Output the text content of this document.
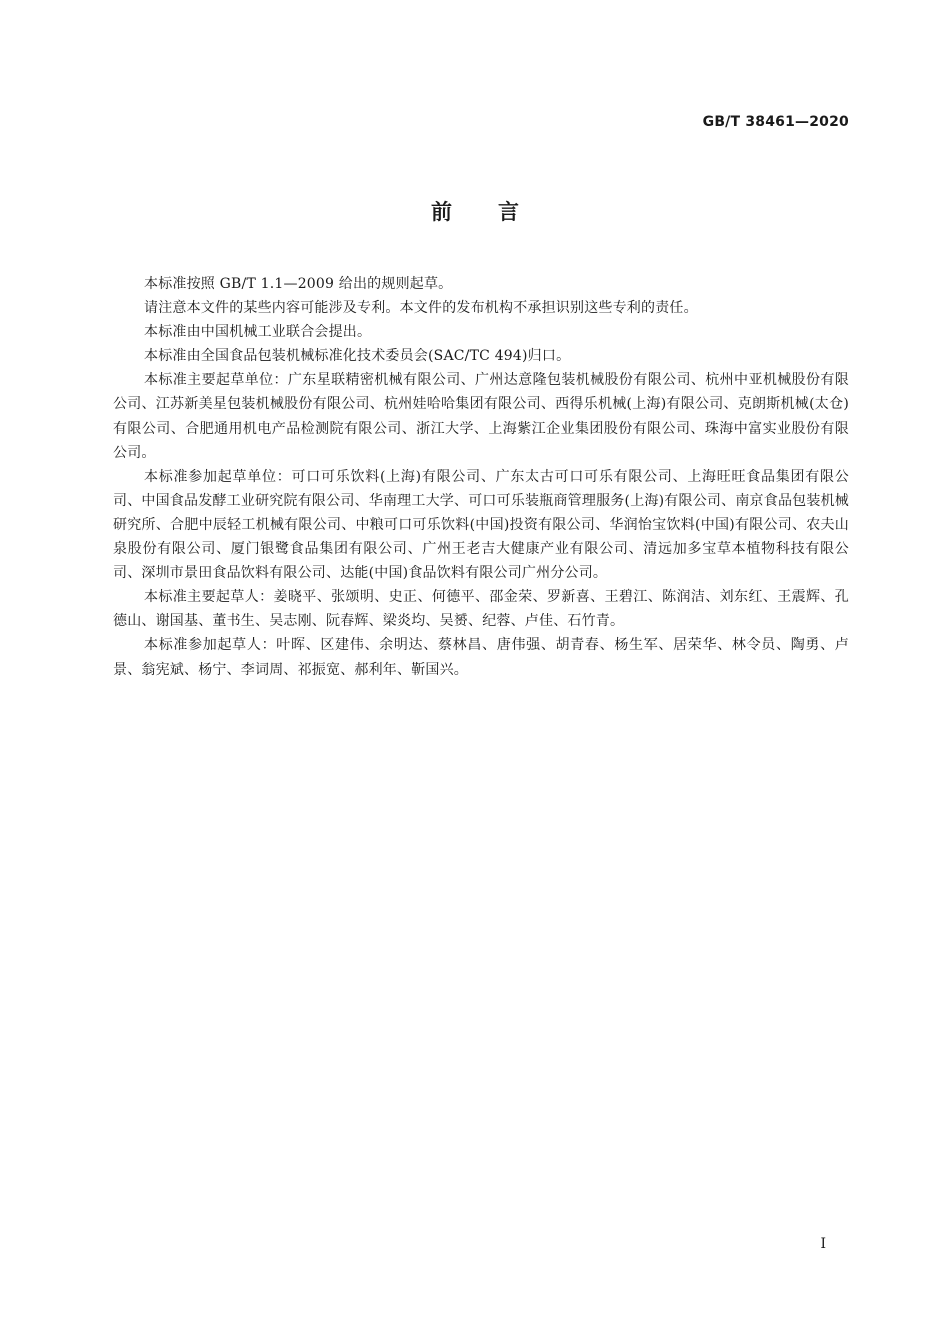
GB/T 38461—2020
前言

本标准按照 GB/T 1.1—2009 给出的规则起草。

请注意本文件的某些内容可能涉及专利。本文件的发布机构不承担识别这些专利的责任。

本标准由中国机械工业联合会提出。

本标准由全国食品包装机械标准化技术委员会(SAC/TC 494)归口。

本标准主要起草单位：广东星联精密机械有限公司、广州达意隆包装机械股份有限公司、杭州中亚机械股份有限公司、江苏新美星包装机械股份有限公司、杭州娃哈哈集团有限公司、西得乐机械(上海)有限公司、克朗斯机械(太仓)有限公司、合肥通用机电产品检测院有限公司、浙江大学、上海紫江企业集团股份有限公司、珠海中富实业股份有限公司。

本标准参加起草单位：可口可乐饮料(上海)有限公司、广东太古可口可乐有限公司、上海旺旺食品集团有限公司、中国食品发酵工业研究院有限公司、华南理工大学、可口可乐装瓶商管理服务(上海)有限公司、南京食品包装机械研究所、合肥中辰轻工机械有限公司、中粮可口可乐饮料(中国)投资有限公司、华润怡宝饮料(中国)有限公司、农夫山泉股份有限公司、厦门银鹭食品集团有限公司、广州王老吉大健康产业有限公司、清远加多宝草本植物科技有限公司、深圳市景田食品饮料有限公司、达能(中国)食品饮料有限公司广州分公司。

本标准主要起草人：姜晓平、张颂明、史正、何德平、邵金荣、罗新喜、王碧江、陈润洁、刘东红、王震辉、孔德山、谢国基、董书生、吴志刚、阮春辉、梁炎均、吴赟、纪蓉、卢佳、石竹青。

本标准参加起草人：叶晖、区建伟、余明达、蔡林昌、唐伟强、胡青春、杨生军、居荣华、林令员、陶勇、卢景、翁宪斌、杨宁、李词周、祁振宽、郝利年、靳国兴。

I
